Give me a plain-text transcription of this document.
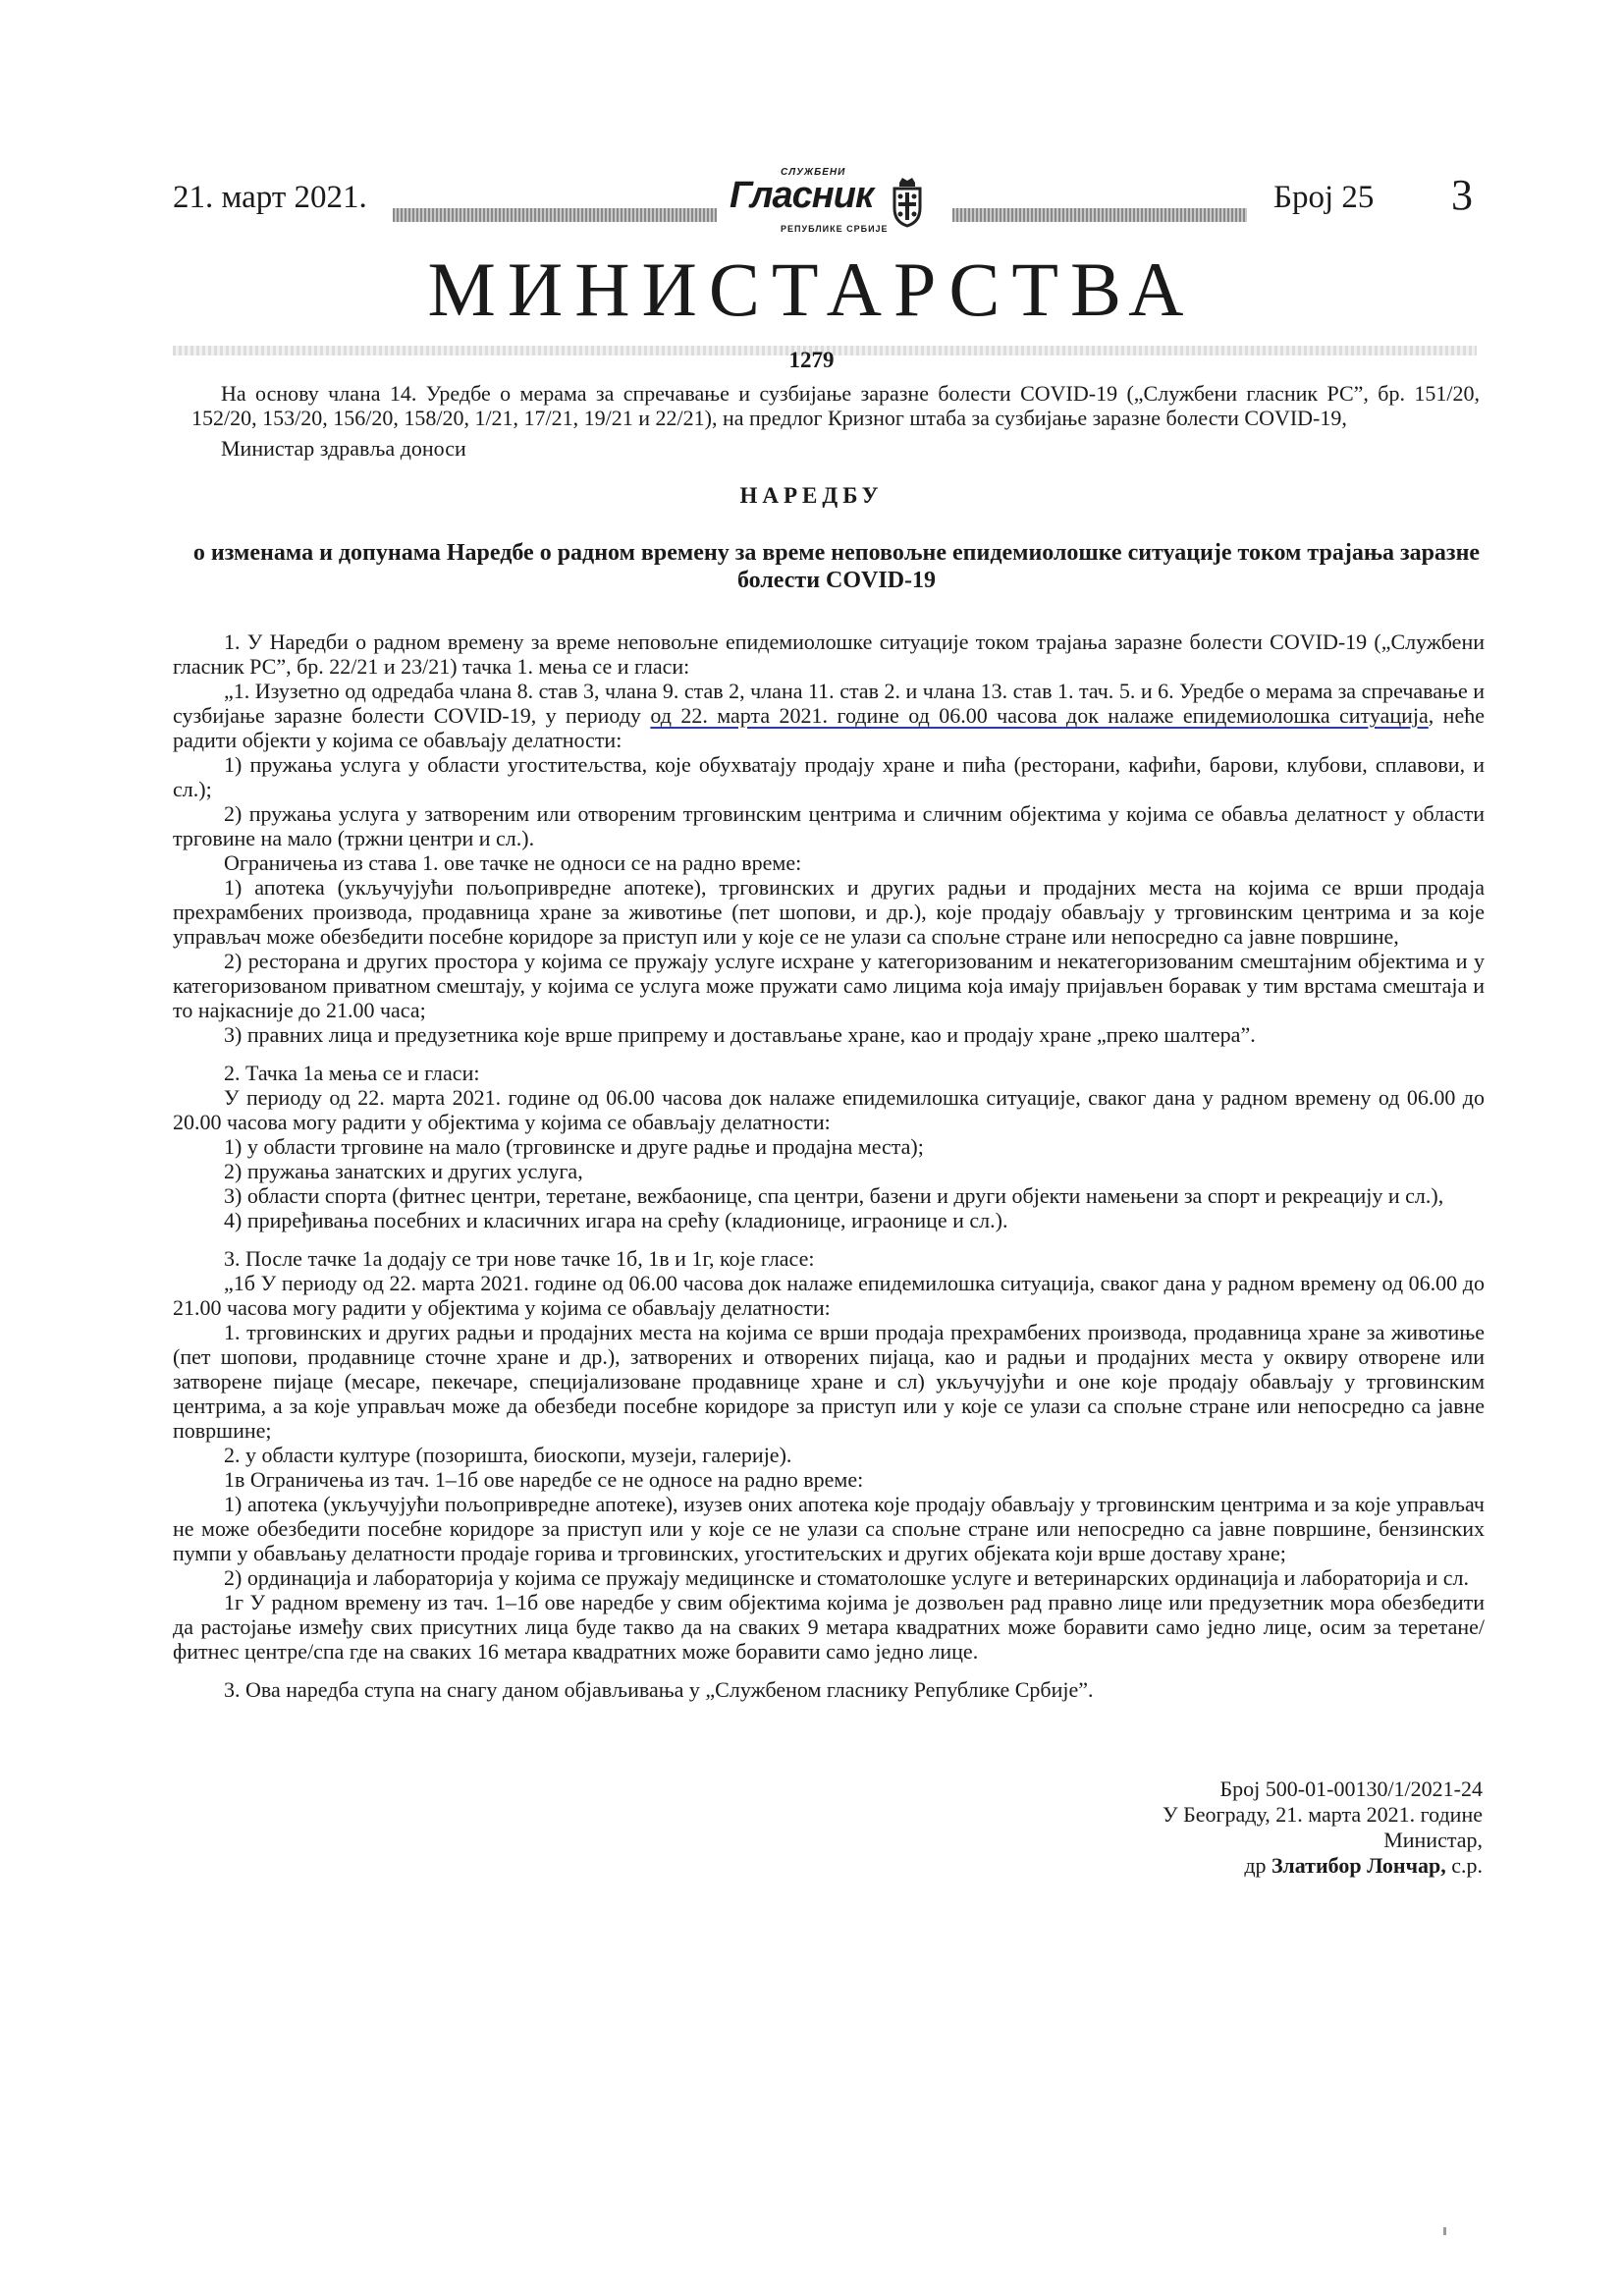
21. март 2021.
СЛУЖБЕНИ
Гласник
РЕПУБЛИКЕ СРБИЈЕ
Број 25 3
МИНИСТАРСТВА
1279
На основу члана 14. Уредбе о мерама за спречавање и сузбијање заразне болести COVID-19 („Службени гласник РС”, бр. 151/20, 152/20, 153/20, 156/20, 158/20, 1/21, 17/21, 19/21 и 22/21), на предлог Кризног штаба за сузбијање заразне болести COVID-19,
Министар здравља доноси
НАРЕДБУ
о изменама и допунама Наредбе о радном времену за време неповољне епидемиолошке ситуације током трајања заразне болести COVID-19

1. У Наредби о радном времену за време неповољне епидемиолошке ситуације током трајања заразне болести COVID-19 („Службени гласник РС”, бр. 22/21 и 23/21) тачка 1. мења се и гласи:

„1. Изузетно од одредаба члана 8. став 3, члана 9. став 2, члана 11. став 2. и члана 13. став 1. тач. 5. и 6. Уредбе о мерама за спречавање и сузбијање заразне болести COVID-19, у периоду од 22. марта 2021. године од 06.00 часова док налаже епидемиолошка ситуација, неће радити објекти у којима се обављају делатности:

1) пружања услуга у области угоститељства, које обухватају продају хране и пића (ресторани, кафићи, барови, клубови, сплавови, и сл.);

2) пружања услуга у затвореним или отвореним трговинским центрима и сличним објектима у којима се обавља делатност у области трговине на мало (тржни центри и сл.).

Ограничења из става 1. ове тачке не односи се на радно време:

1) апотека (укључујући пољопривредне апотеке), трговинских и других радњи и продајних места на којима се врши продаја прехрамбених производа, продавница хране за животиње (пет шопови, и др.), које продају обављају у трговинским центрима и за које управљач може обезбедити посебне коридоре за приступ или у које се не улази са спољне стране или непосредно са јавне површине,

2) ресторана и других простора у којима се пружају услуге исхране у категоризованим и некатегоризованим смештајним објектима и у категоризованом приватном смештају, у којима се услуга може пружати само лицима која имају пријављен боравак у тим врстама смештаја и то најкасније до 21.00 часа;

3) правних лица и предузетника које врше припрему и достављање хране, као и продају хране „преко шалтера”.

2. Тачка 1а мења се и гласи:

У периоду од 22. марта 2021. године од 06.00 часова док налаже епидемилошка ситуације, сваког дана у радном времену од 06.00 до 20.00 часова могу радити у објектима у којима се обављају делатности:

1) у области трговине на мало (трговинске и друге радње и продајна места);

2) пружања занатских и других услуга,

3) области спорта (фитнес центри, теретане, вежбаонице, спа центри, базени и други објекти намењени за спорт и рекреацију и сл.),

4) приређивања посебних и класичних игара на срећу (кладионице, играонице и сл.).

3. После тачке 1а додају се три нове тачке 1б, 1в и 1г, које гласе:

„1б У периоду од 22. марта 2021. године од 06.00 часова док налаже епидемилошка ситуација, сваког дана у радном времену од 06.00 до 21.00 часова могу радити у објектима у којима се обављају делатности:

1. трговинских и других радњи и продајних места на којима се врши продаја прехрамбених производа, продавница хране за животиње (пет шопови, продавнице сточне хране и др.), затворених и отворених пијаца, као и радњи и продајних места у оквиру отворене или затворене пијаце (месаре, пекечаре, специјализоване продавнице хране и сл) укључујући и оне које продају обављају у трговинским центрима, а за које управљач може да обезбеди посебне коридоре за приступ или у које се улази са спољне стране или непосредно са јавне површине;

2. у области културе (позоришта, биоскопи, музеји, галерије).

1в Ограничења из тач. 1–1б ове наредбе се не односе на радно време:

1) апотека (укључујући пољопривредне апотеке), изузев оних апотека које продају обављају у трговинским центрима и за које управљач не може обезбедити посебне коридоре за приступ или у које се не улази са спољне стране или непосредно са јавне површине, бензинских пумпи у обављању делатности продаје горива и трговинских, угоститељских и других објеката који врше доставу хране;

2) ординација и лабораторија у којима се пружају медицинске и стоматолошке услуге и ветеринарских ординација и лабораторија и сл.

1г У радном времену из тач. 1–1б ове наредбе у свим објектима којима је дозвољен рад правно лице или предузетник мора обезбедити да растојање између свих присутних лица буде такво да на сваких 9 метара квадратних може боравити само једно лице, осим за теретане/фитнес центре/спа где на сваких 16 метара квадратних може боравити само једно лице.

3. Ова наредба ступа на снагу даном објављивања у „Службеном гласнику Републике Србије”.

Број 500-01-00130/1/2021-24
У Београду, 21. марта 2021. године
Министар,
др Златибор Лончар, с.р.
